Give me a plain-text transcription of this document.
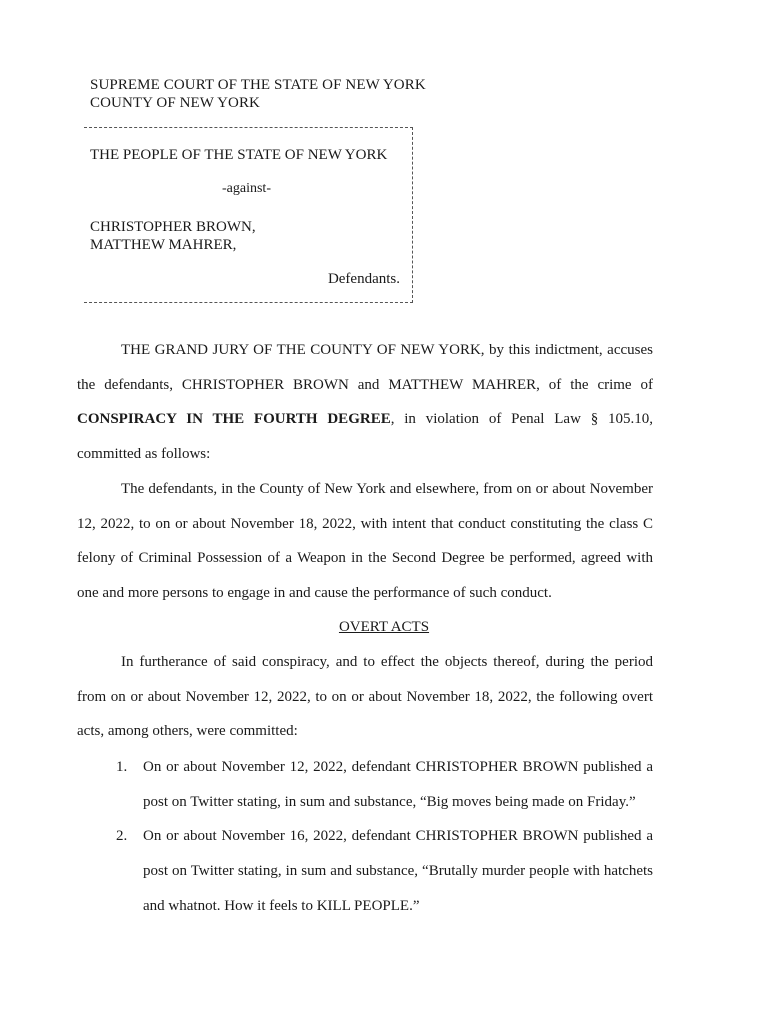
SUPREME COURT OF THE STATE OF NEW YORK
COUNTY OF NEW YORK
THE PEOPLE OF THE STATE OF NEW YORK
-against-
CHRISTOPHER BROWN,
MATTHEW MAHRER,
Defendants.
THE GRAND JURY OF THE COUNTY OF NEW YORK, by this indictment, accuses the defendants, CHRISTOPHER BROWN and MATTHEW MAHRER, of the crime of CONSPIRACY IN THE FOURTH DEGREE, in violation of Penal Law § 105.10, committed as follows:
The defendants, in the County of New York and elsewhere, from on or about November 12, 2022, to on or about November 18, 2022, with intent that conduct constituting the class C felony of Criminal Possession of a Weapon in the Second Degree be performed, agreed with one and more persons to engage in and cause the performance of such conduct.
OVERT ACTS
In furtherance of said conspiracy, and to effect the objects thereof, during the period from on or about November 12, 2022, to on or about November 18, 2022, the following overt acts, among others, were committed:
1. On or about November 12, 2022, defendant CHRISTOPHER BROWN published a post on Twitter stating, in sum and substance, “Big moves being made on Friday.”
2. On or about November 16, 2022, defendant CHRISTOPHER BROWN published a post on Twitter stating, in sum and substance, “Brutally murder people with hatchets and whatnot. How it feels to KILL PEOPLE.”
